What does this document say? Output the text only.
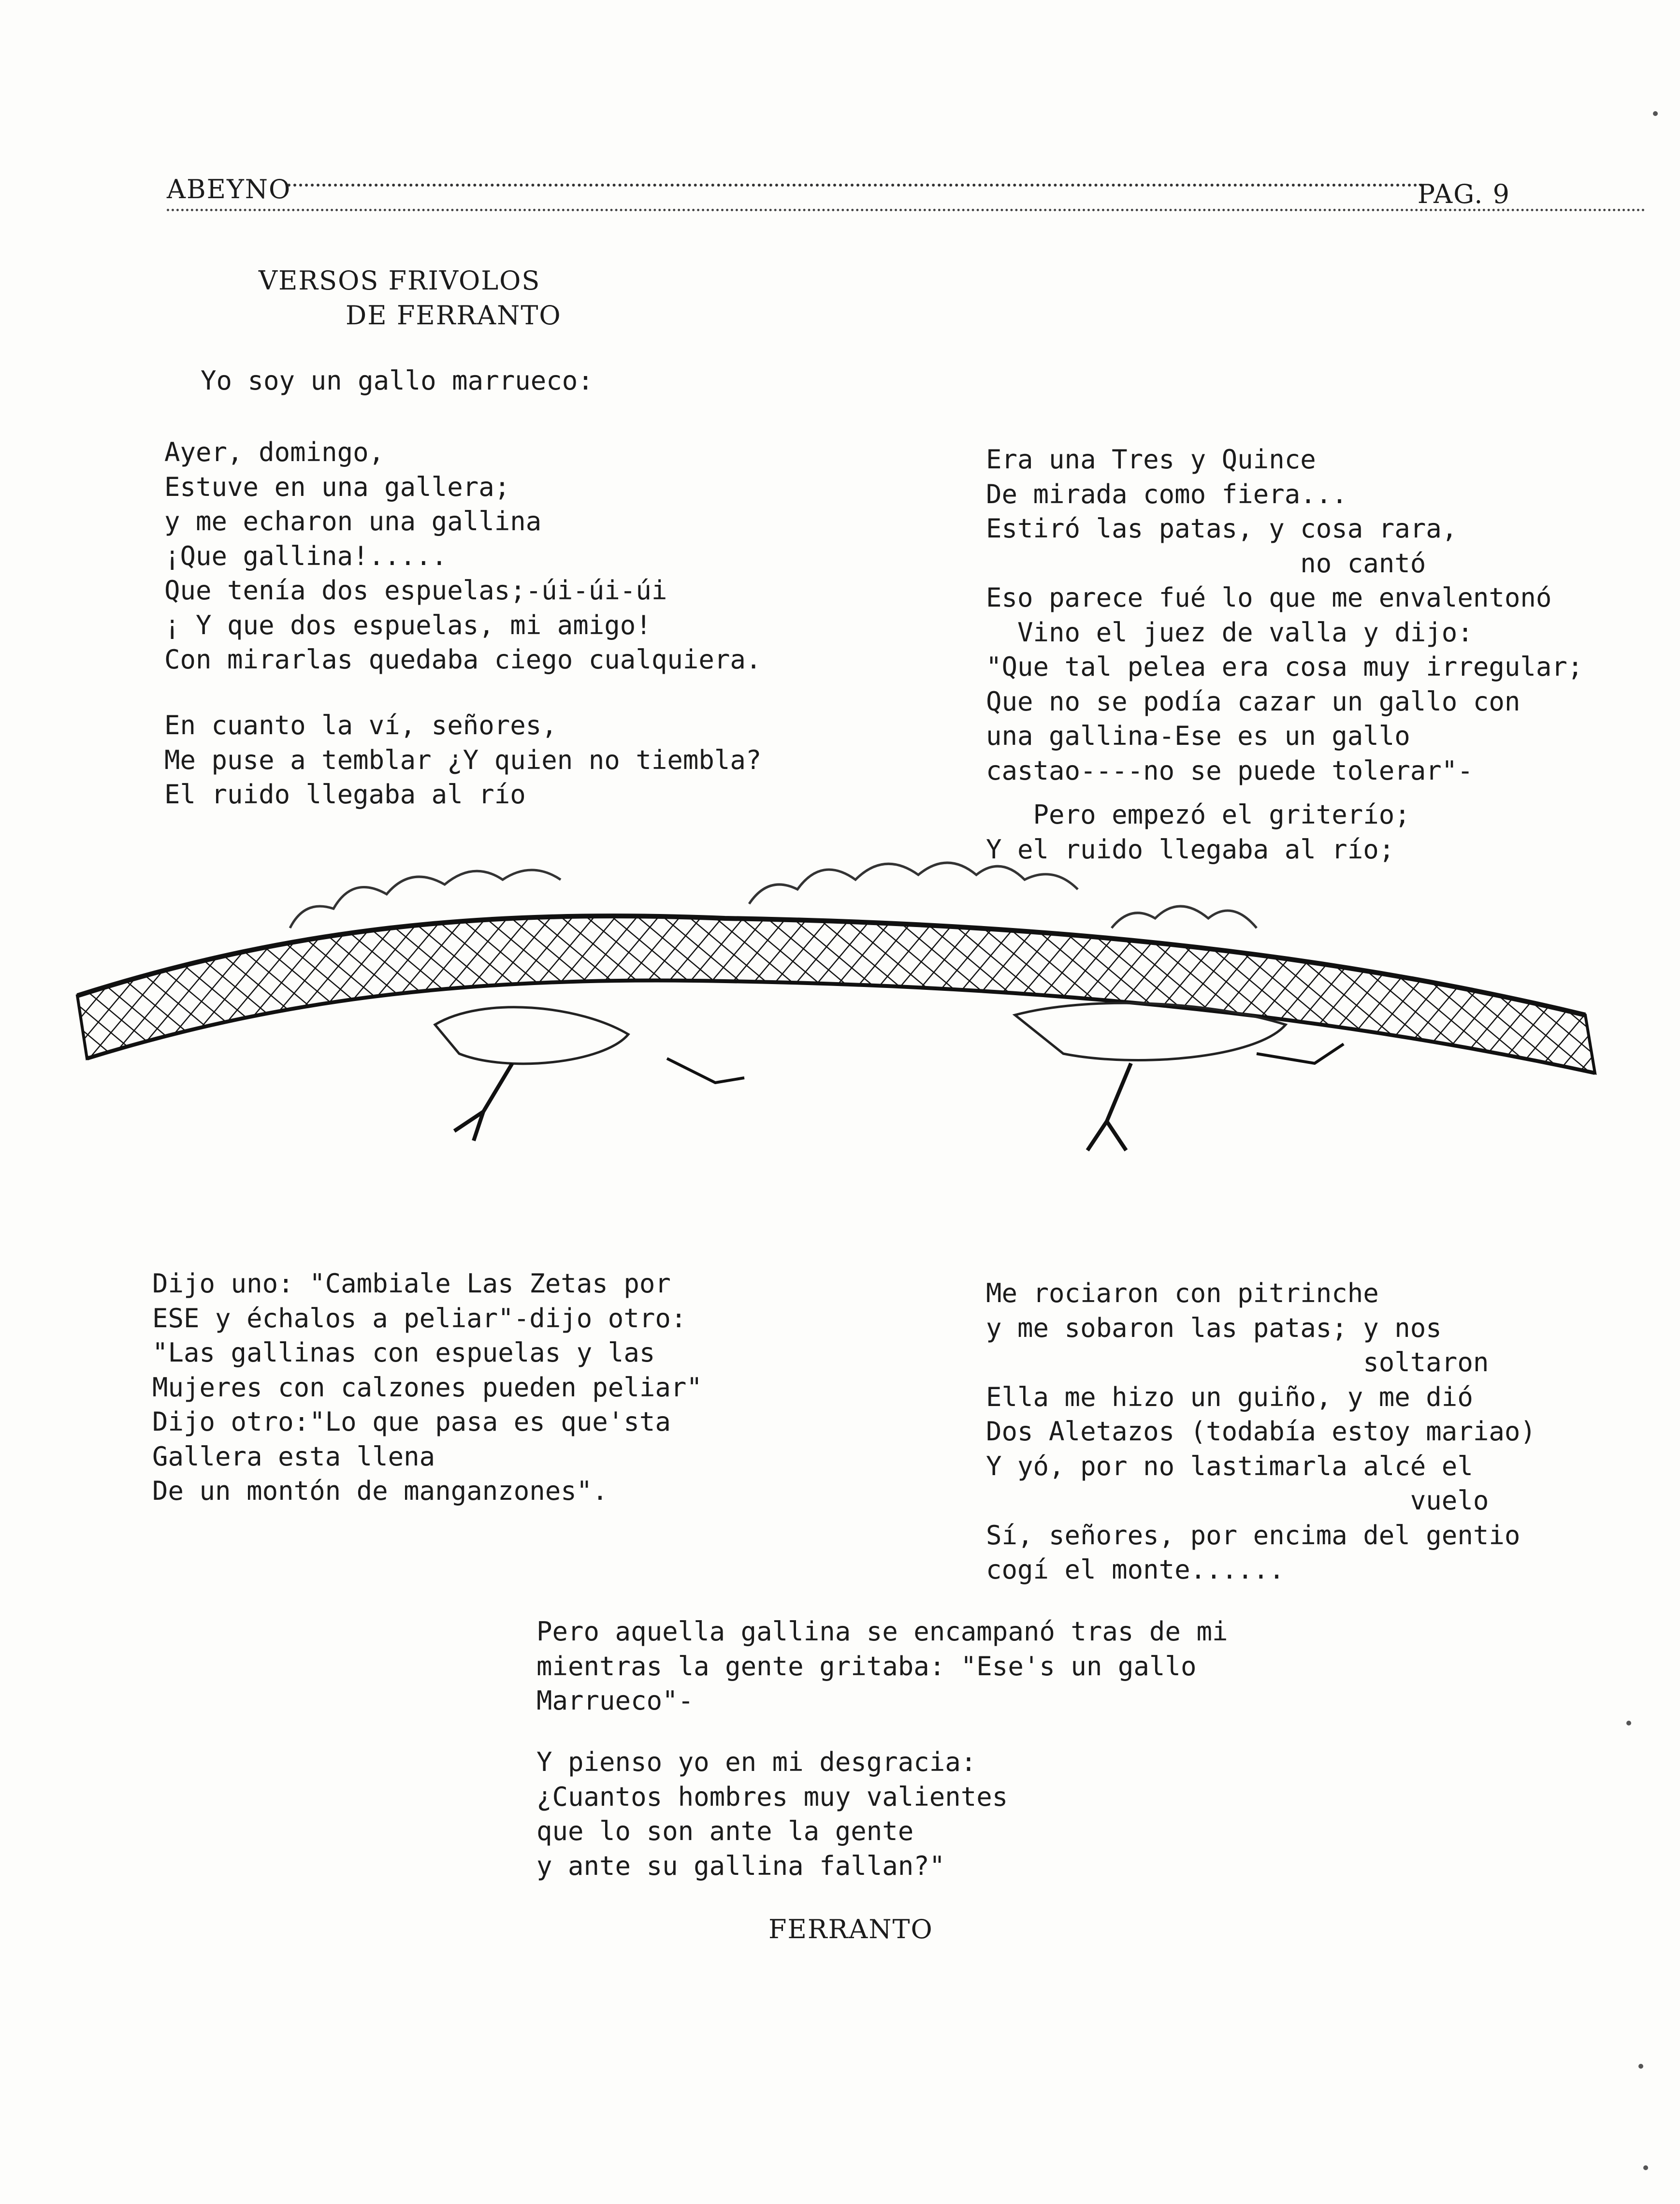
ABEYNO	PAG. 9
VERSOS FRIVOLOS
DE FERRANTO
Yo soy un gallo marrueco:
Ayer, domingo,
Estuve en una gallera;
y me echaron una gallina
¡Que gallina!.....
Que tenía dos espuelas;-úi-úi-úi
¡ Y que dos espuelas, mi amigo!
Con mirarlas quedaba ciego cualquiera.
En cuanto la ví, señores,
Me puse a temblar ¿Y quien no tiembla?
El ruido llegaba al río
Era una Tres y Quince
De mirada como fiera...
Estiró las patas, y cosa rara,
no cantó
Eso parece fué lo que me envalentonó
Vino el juez de valla y dijo:
"Que tal pelea era cosa muy irregular;
Que no se podía cazar un gallo con
una gallina-Ese es un gallo
castao----no se puede tolerar"-
Pero empezó el griterío;
Y el ruido llegaba al río;
Dijo uno: "Cambiale Las Zetas por
ESE y échalos a peliar"-dijo otro:
"Las gallinas con espuelas y las
Mujeres con calzones pueden peliar"
Dijo otro:"Lo que pasa es que'sta
Gallera esta llena
De un montón de manganzones".
Me rociaron con pitrinche
y me sobaron las patas; y nos
soltaron
Ella me hizo un guiño, y me dió
Dos Aletazos (todabía estoy mariao)
Y yó, por no lastimarla alcé el
vuelo
Sí, señores, por encima del gentio
cogí el monte......
Pero aquella gallina se encampanó tras de mi
mientras la gente gritaba: "Ese's un gallo
Marrueco"-
Y pienso yo en mi desgracia:
¿Cuantos hombres muy valientes
que lo son ante la gente
y ante su gallina fallan?"
FERRANTO
